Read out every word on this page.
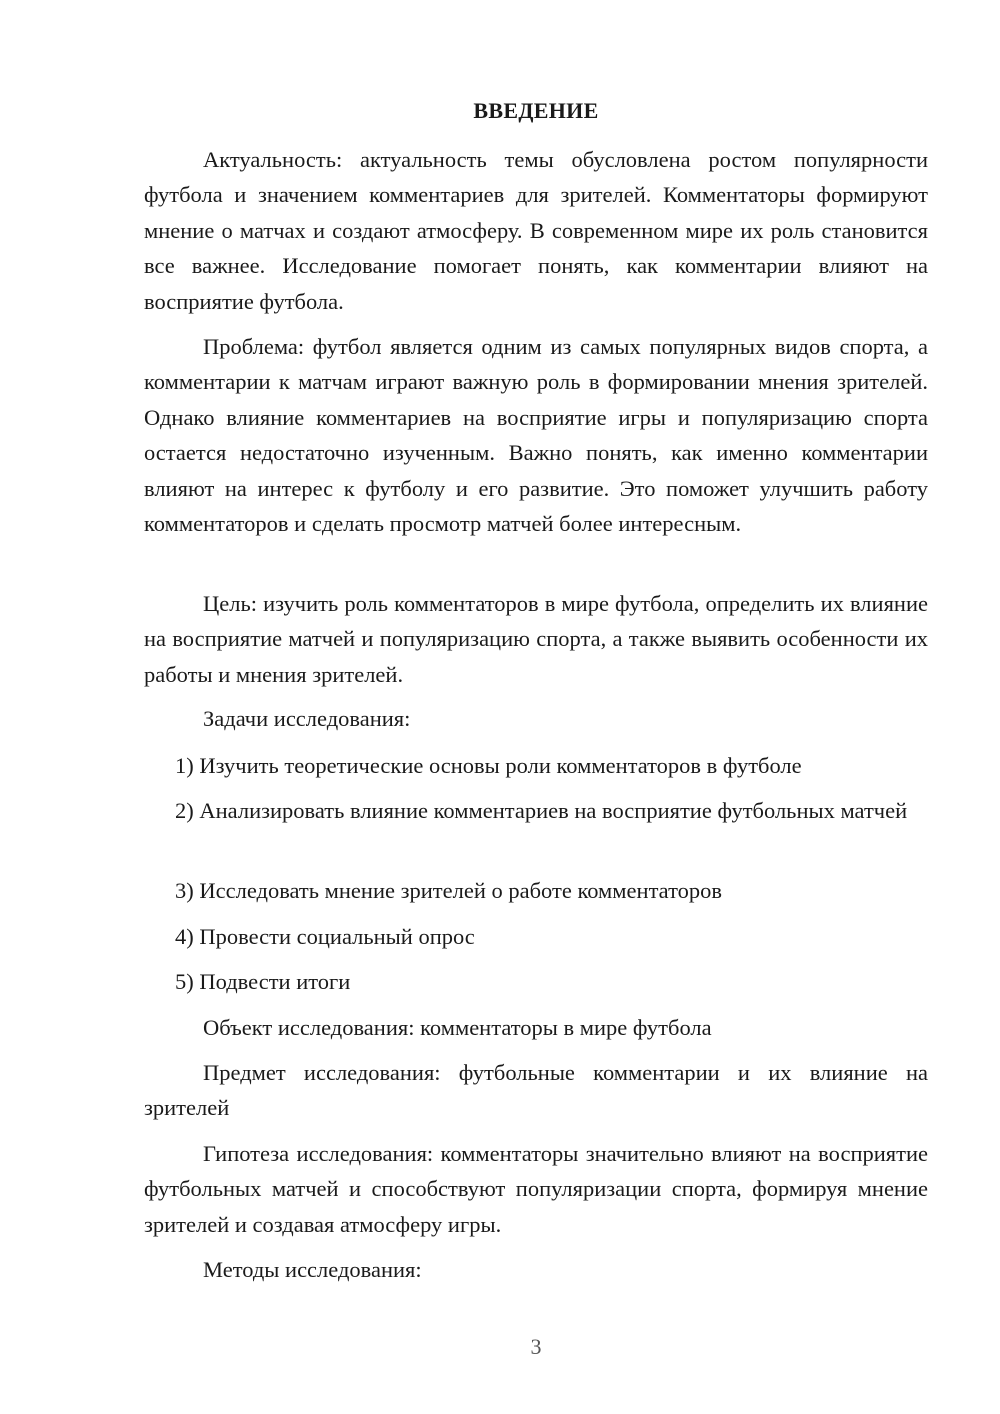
ВВЕДЕНИЕ

Актуальность: актуальность темы обусловлена ростом популярности футбола и значением комментариев для зрителей. Комментаторы формируют мнение о матчах и создают атмосферу. В современном мире их роль становится все важнее. Исследование помогает понять, как комментарии влияют на восприятие футбола.

Проблема: футбол является одним из самых популярных видов спорта, а комментарии к матчам играют важную роль в формировании мнения зрителей. Однако влияние комментариев на восприятие игры и популяризацию спорта остается недостаточно изученным. Важно понять, как именно комментарии влияют на интерес к футболу и его развитие. Это поможет улучшить работу комментаторов и сделать просмотр матчей более интересным.

Цель: изучить роль комментаторов в мире футбола, определить их влияние на восприятие матчей и популяризацию спорта, а также выявить особенности их работы и мнения зрителей.

Задачи исследования:

1) Изучить теоретические основы роли комментаторов в футболе

2) Анализировать влияние комментариев на восприятие футбольных матчей

3) Исследовать мнение зрителей о работе комментаторов

4) Провести социальный опрос

5) Подвести итоги

Объект исследования: комментаторы в мире футбола

Предмет исследования: футбольные комментарии и их влияние на зрителей

Гипотеза исследования: комментаторы значительно влияют на восприятие футбольных матчей и способствуют популяризации спорта, формируя мнение зрителей и создавая атмосферу игры.

Методы исследования:

3
